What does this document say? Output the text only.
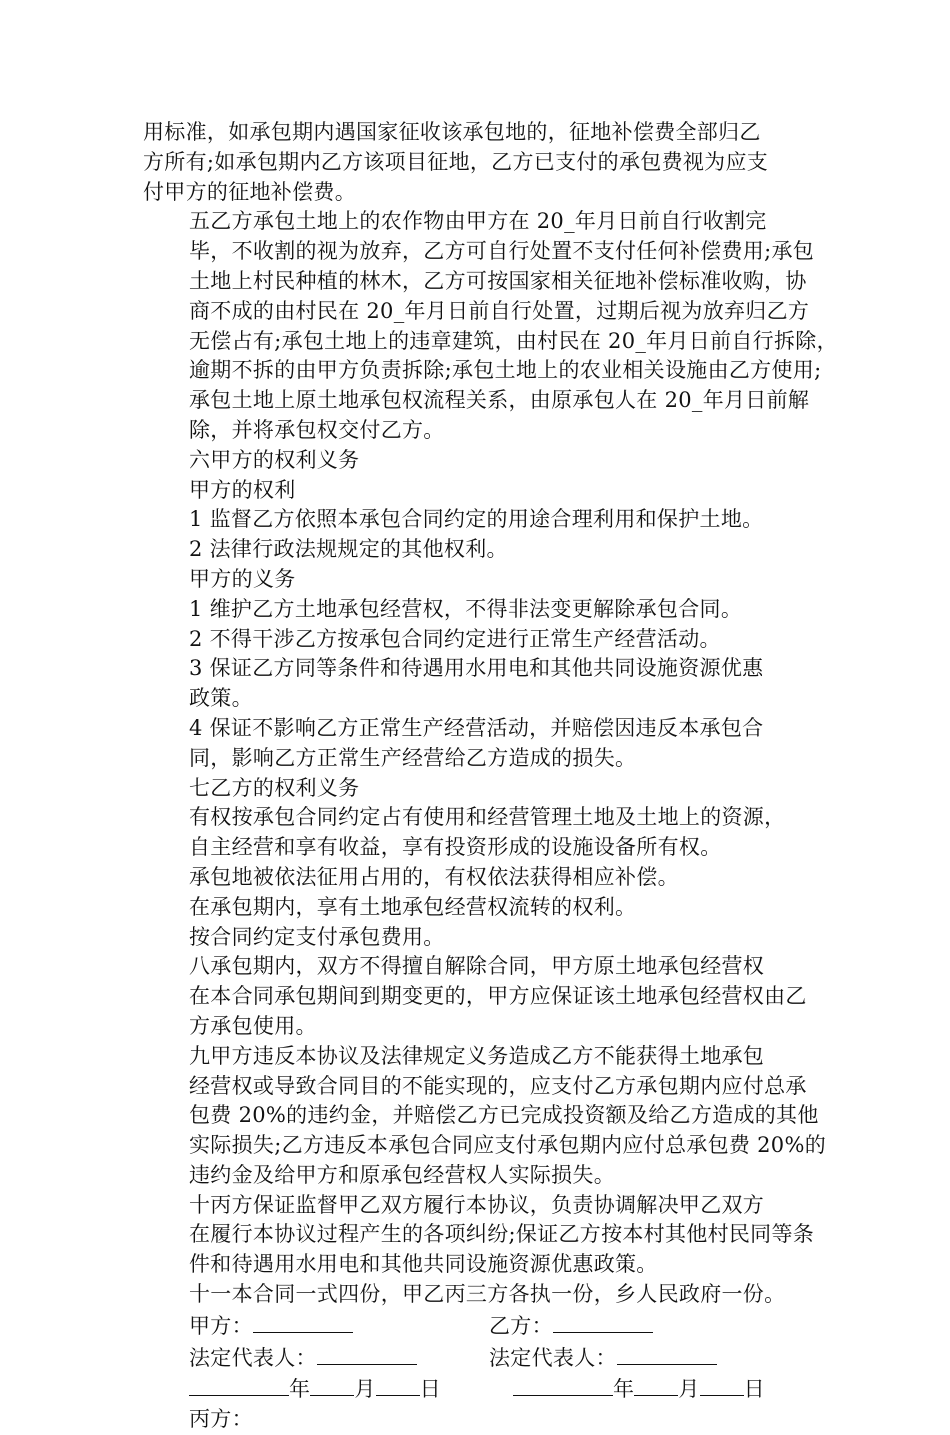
用标准，如承包期内遇国家征收该承包地的，征地补偿费全部归乙
方所有;如承包期内乙方该项目征地，乙方已支付的承包费视为应支
付甲方的征地补偿费。

五乙方承包土地上的农作物由甲方在 20_年月日前自行收割完
毕，不收割的视为放弃，乙方可自行处置不支付任何补偿费用;承包
土地上村民种植的林木，乙方可按国家相关征地补偿标准收购，协
商不成的由村民在 20_年月日前自行处置，过期后视为放弃归乙方
无偿占有;承包土地上的违章建筑，由村民在 20_年月日前自行拆除，
逾期不拆的由甲方负责拆除;承包土地上的农业相关设施由乙方使用;
承包土地上原土地承包权流程关系，由原承包人在 20_年月日前解
除，并将承包权交付乙方。

六甲方的权利义务

甲方的权利

1 监督乙方依照本承包合同约定的用途合理利用和保护土地。

2 法律行政法规规定的其他权利。

甲方的义务

1 维护乙方土地承包经营权，不得非法变更解除承包合同。

2 不得干涉乙方按承包合同约定进行正常生产经营活动。

3 保证乙方同等条件和待遇用水用电和其他共同设施资源优惠
政策。

4 保证不影响乙方正常生产经营活动，并赔偿因违反本承包合
同，影响乙方正常生产经营给乙方造成的损失。

七乙方的权利义务

有权按承包合同约定占有使用和经营管理土地及土地上的资源，
自主经营和享有收益，享有投资形成的设施设备所有权。

承包地被依法征用占用的，有权依法获得相应补偿。

在承包期内，享有土地承包经营权流转的权利。

按合同约定支付承包费用。

八承包期内，双方不得擅自解除合同，甲方原土地承包经营权
在本合同承包期间到期变更的，甲方应保证该土地承包经营权由乙
方承包使用。

九甲方违反本协议及法律规定义务造成乙方不能获得土地承包
经营权或导致合同目的不能实现的，应支付乙方承包期内应付总承
包费 20%的违约金，并赔偿乙方已完成投资额及给乙方造成的其他
实际损失;乙方违反本承包合同应支付承包期内应付总承包费 20%的
违约金及给甲方和原承包经营权人实际损失。

十丙方保证监督甲乙双方履行本协议，负责协调解决甲乙双方
在履行本协议过程产生的各项纠纷;保证乙方按本村其他村民同等条
件和待遇用水用电和其他共同设施资源优惠政策。

十一本合同一式四份，甲乙丙三方各执一份，乡人民政府一份。

甲方：	乙方：
法定代表人：	法定代表人：
年 月 日	年 月 日
丙方：
